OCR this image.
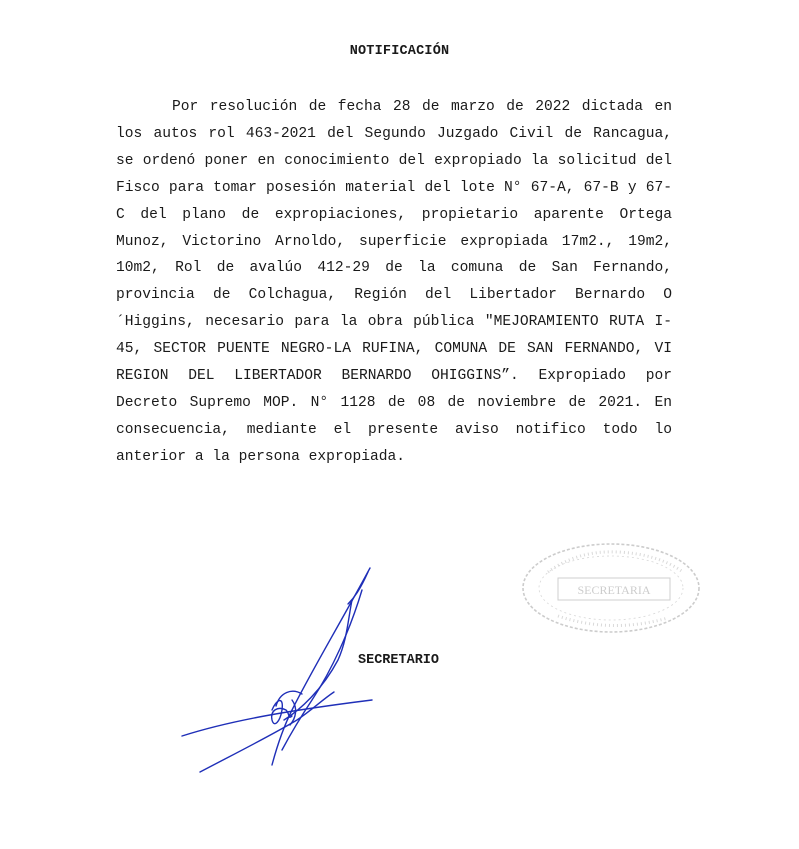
NOTIFICACIÓN

Por resolución de fecha 28 de marzo de 2022 dictada en los autos rol 463-2021 del Segundo Juzgado Civil de Rancagua, se ordenó poner en conocimiento del expropiado la solicitud del Fisco para tomar posesión material del lote N° 67-A, 67-B y 67-C del plano de expropiaciones, propietario aparente Ortega Munoz, Victorino Arnoldo, superficie expropiada 17m2., 19m2, 10m2, Rol de avalúo 412-29 de la comuna de San Fernando, provincia de Colchagua, Región del Libertador Bernardo O´Higgins, necesario para la obra pública "MEJORAMIENTO RUTA I-45, SECTOR PUENTE NEGRO-LA RUFINA, COMUNA DE SAN FERNANDO, VI REGION DEL LIBERTADOR BERNARDO OHIGGINS”. Expropiado por Decreto Supremo MOP. N° 1128 de 08 de noviembre de 2021. En consecuencia, mediante el presente aviso notifico todo lo anterior a la persona expropiada.

SECRETARIA
SECRETARIO
